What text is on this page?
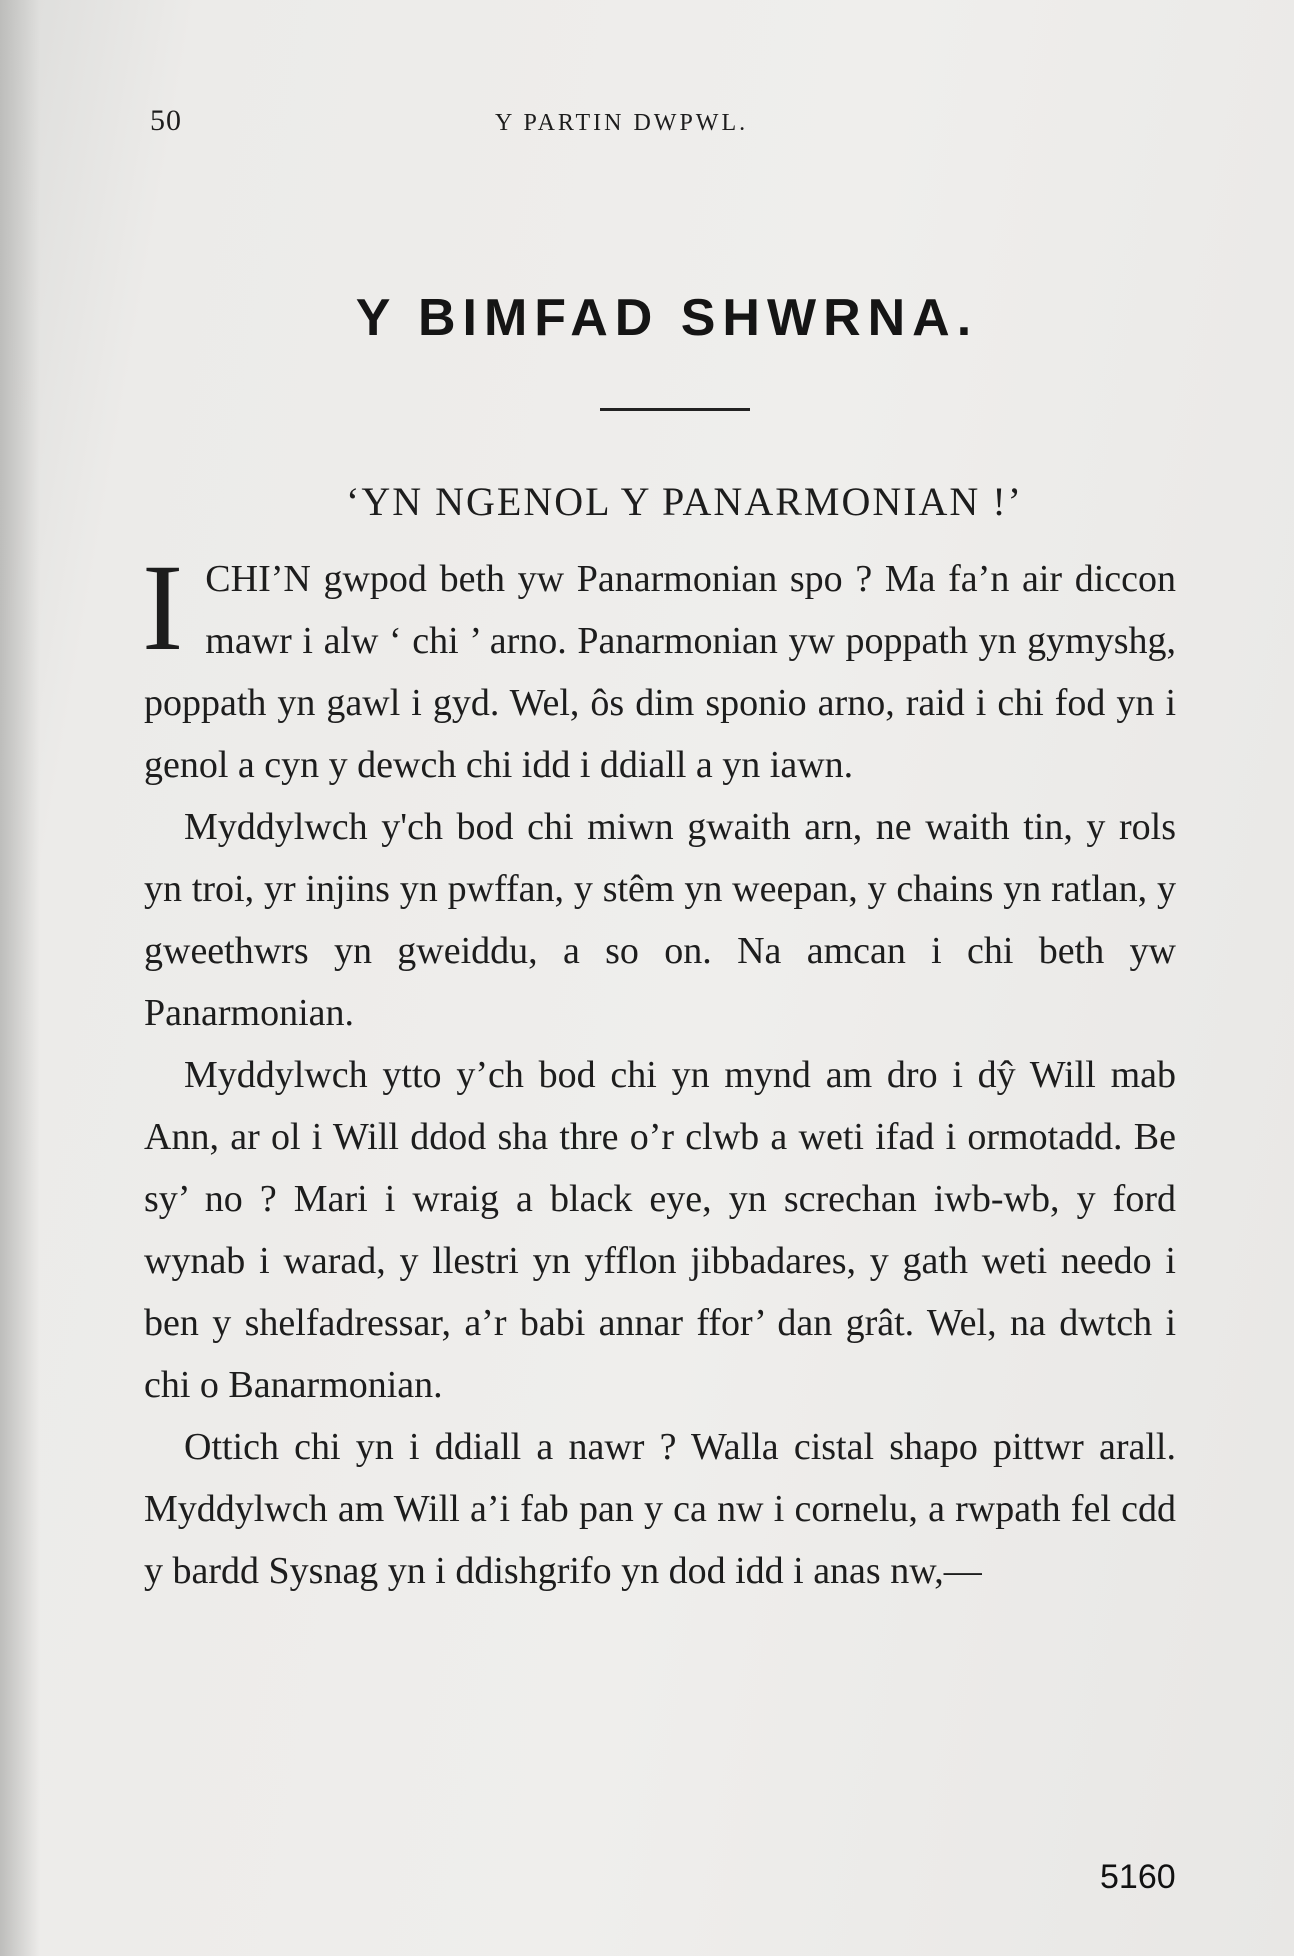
50	Y PARTIN DWPWL.
Y BIMFAD SHWRNA.
‘YN NGENOL Y PANARMONIAN !’

I CHI’N gwpod beth yw Panarmonian spo ? Ma fa’n air diccon mawr i alw ‘ chi ’ arno. Panarmonian yw poppath yn gymyshg, poppath yn gawl i gyd. Wel, ôs dim sponio arno, raid i chi fod yn i genol a cyn y dewch chi idd i ddiall a yn iawn.

Myddylwch y'ch bod chi miwn gwaith arn, ne waith tin, y rols yn troi, yr injins yn pwffan, y stêm yn weepan, y chains yn ratlan, y gweethwrs yn gweiddu, a so on. Na amcan i chi beth yw Panarmonian.

Myddylwch ytto y’ch bod chi yn mynd am dro i dŷ Will mab Ann, ar ol i Will ddod sha thre o’r clwb a weti ifad i ormotadd. Be sy’ no ? Mari i wraig a black eye, yn screchan iwb-wb, y ford wynab i warad, y llestri yn yfflon jibbadares, y gath weti needo i ben y shelfadressar, a’r babi annar ffor’ dan grât. Wel, na dwtch i chi o Banarmonian.

Ottich chi yn i ddiall a nawr ? Walla cistal shapo pittwr arall. Myddylwch am Will a’i fab pan y ca nw i cornelu, a rwpath fel cdd y bardd Sysnag yn i ddishgrifo yn dod idd i anas nw,—

5160
